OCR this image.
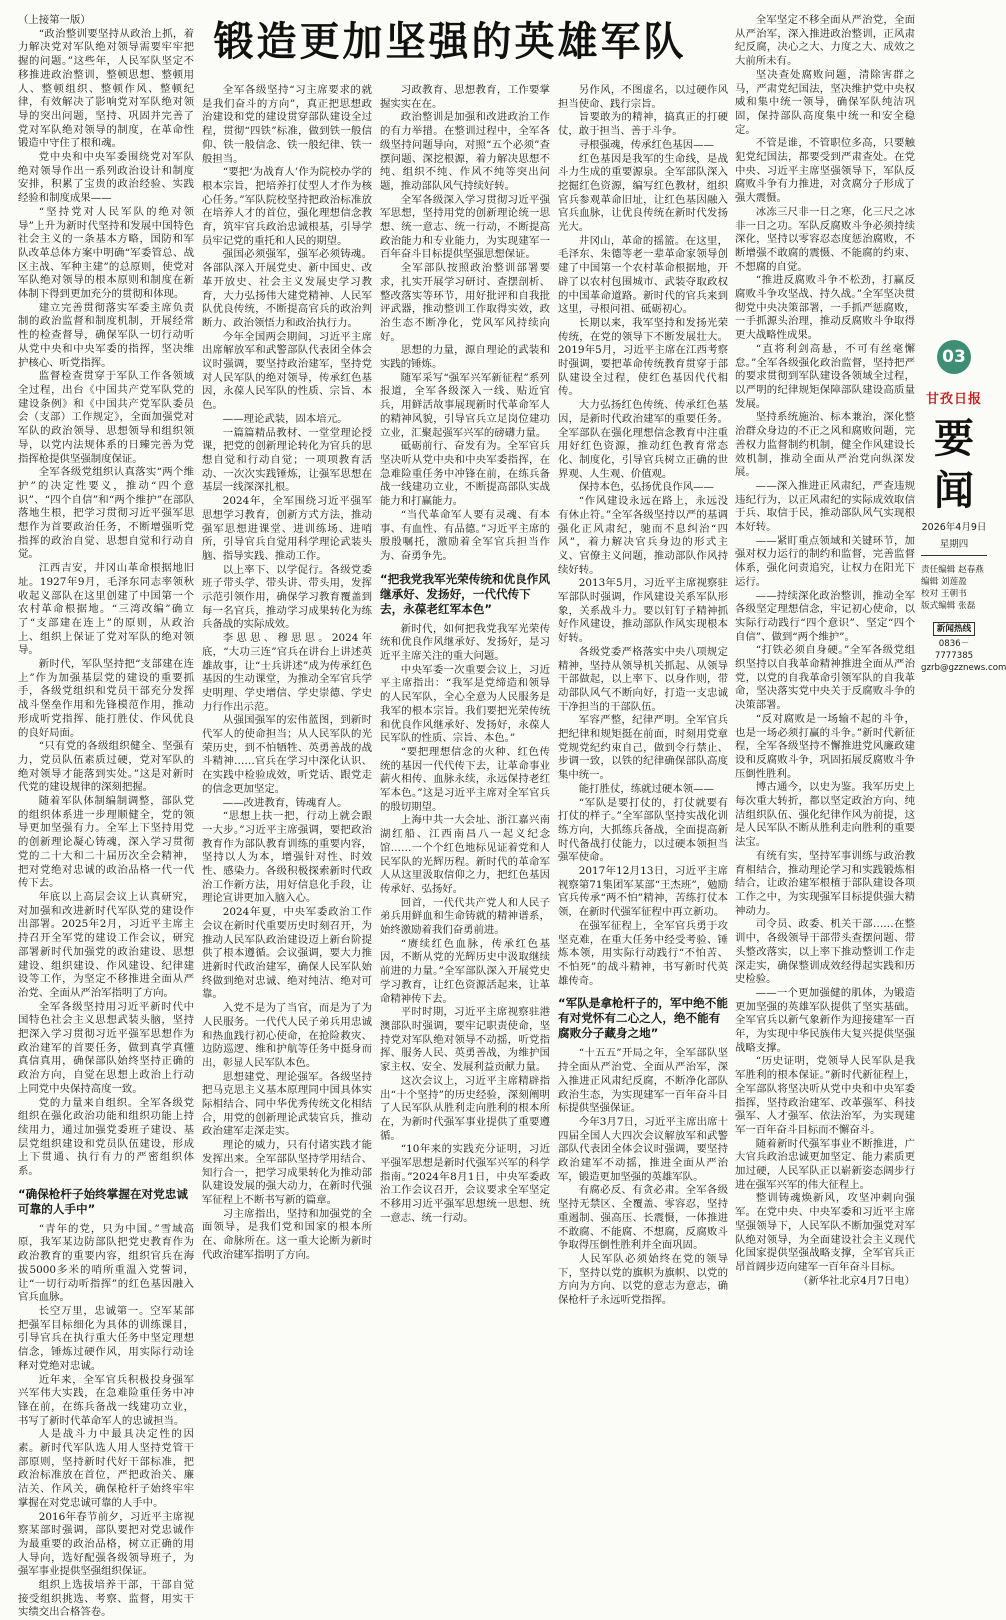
锻造更加坚强的英雄军队

（上接第一版）

“政治整训要坚持从政治上抓，着力解决党对军队绝对领导需要牢牢把握的问题。”这些年，人民军队坚定不移推进政治整训，整顿思想、整顿用人、整顿组织、整顿作风、整顿纪律，有效解决了影响党对军队绝对领导的突出问题，坚持、巩固并完善了党对军队绝对领导的制度，在革命性锻造中守住了根和魂。

党中央和中央军委围绕党对军队绝对领导作出一系列政治设计和制度安排，积累了宝贵的政治经验、实践经验和制度成果——

“坚持党对人民军队的绝对领导”上升为新时代坚持和发展中国特色社会主义的一条基本方略，国防和军队改革总体方案中明确“军委管总、战区主战、军种主建”的总原则，使党对军队绝对领导的根本原则和制度在新体制下得到更加充分的贯彻和体现。

建立完善贯彻落实军委主席负责制的政治监督和制度机制，开展经常性的检查督导，确保军队一切行动听从党中央和中央军委的指挥，坚决维护核心、听党指挥。

监督检查贯穿于军队工作各领域全过程，出台《中国共产党军队党的建设条例》和《中国共产党军队委员会（支部）工作规定》，全面加强党对军队的政治领导、思想领导和组织领导，以党内法规体系的日臻完善为党指挥枪提供坚强制度保证。

全军各级党组织认真落实“两个维护”的决定性要义，推动“四个意识”、“四个自信”和“两个维护”在部队落地生根，把学习贯彻习近平强军思想作为首要政治任务，不断增强听党指挥的政治自觉、思想自觉和行动自觉。

江西吉安，井冈山革命根据地旧址。1927年9月，毛泽东同志率领秋收起义部队在这里创建了中国第一个农村革命根据地。“三湾改编”确立了“支部建在连上”的原则，从政治上、组织上保证了党对军队的绝对领导。

新时代，军队坚持把“支部建在连上”作为加强基层党的建设的重要抓手，各级党组织和党员干部充分发挥战斗堡垒作用和先锋模范作用，推动形成听党指挥、能打胜仗、作风优良的良好局面。

“只有党的各级组织健全、坚强有力，党员队伍素质过硬，党对军队的绝对领导才能落到实处。”这是对新时代党的建设规律的深刻把握。

随着军队体制编制调整，部队党的组织体系进一步理顺健全，党的领导更加坚强有力。全军上下坚持用党的创新理论凝心铸魂，深入学习贯彻党的二十大和二十届历次全会精神，把对党绝对忠诚的政治品格一代一代传下去。

年底以上高层会议上认真研究，对加强和改进新时代军队党的建设作出部署。2025年2月，习近平主席主持召开全军党的建设工作会议，研究部署新时代加强党的政治建设、思想建设、组织建设、作风建设、纪律建设等工作，为坚定不移推进全面从严治党、全面从严治军指明了方向。

全军各级坚持用习近平新时代中国特色社会主义思想武装头脑，坚持把深入学习贯彻习近平强军思想作为政治建军的首要任务，做到真学真懂真信真用，确保部队始终坚持正确的政治方向，自觉在思想上政治上行动上同党中央保持高度一致。

党的力量来自组织。全军各级党组织在强化政治功能和组织功能上持续用力，通过加强党委班子建设、基层党组织建设和党员队伍建设，形成上下贯通、执行有力的严密组织体系。

“确保枪杆子始终掌握在对党忠诚可靠的人手中”

“青年的党，只为中国。”雪域高原，我军某边防部队把党史教育作为政治教育的重要内容，组织官兵在海拔5000多米的哨所重温入党誓词，让“一切行动听指挥”的红色基因融入官兵血脉。

长空万里，忠诚第一。空军某部把强军目标细化为具体的训练课目，引导官兵在执行重大任务中坚定理想信念，锤炼过硬作风，用实际行动诠释对党绝对忠诚。

近年来，全军官兵积极投身强军兴军伟大实践，在急难险重任务中冲锋在前，在练兵备战一线建功立业，书写了新时代革命军人的忠诚担当。

人是战斗力中最具决定性的因素。新时代军队选人用人坚持党管干部原则，坚持新时代好干部标准，把政治标准放在首位，严把政治关、廉洁关、作风关，确保枪杆子始终牢牢掌握在对党忠诚可靠的人手中。

2016年春节前夕，习近平主席视察某部时强调，部队要把对党忠诚作为最重要的政治品格，树立正确的用人导向，选好配强各级领导班子，为强军事业提供坚强组织保证。

组织上选拔培养干部，干部自觉接受组织挑选、考察、监督，用实干实绩交出合格答卷。

全军各级坚持“习主席要求的就是我们奋斗的方向”，真正把思想政治建设和党的建设贯穿部队建设全过程，贯彻“四铁”标准，做到铁一般信仰、铁一般信念、铁一般纪律、铁一般担当。

“要把‘为战育人’作为院校办学的根本宗旨，把培养打仗型人才作为核心任务。”军队院校坚持把政治标准放在培养人才的首位，强化理想信念教育，筑牢官兵政治忠诚根基，引导学员牢记党的重托和人民的期望。

强国必须强军，强军必须铸魂。各部队深入开展党史、新中国史、改革开放史、社会主义发展史学习教育，大力弘扬伟大建党精神、人民军队优良传统，不断提高官兵的政治判断力、政治领悟力和政治执行力。

今年全国两会期间，习近平主席出席解放军和武警部队代表团全体会议时强调，要坚持政治建军，坚持党对人民军队的绝对领导，传承红色基因，永葆人民军队的性质、宗旨、本色。

——理论武装，固本培元。

一篇篇精品教材、一堂堂理论授课，把党的创新理论转化为官兵的思想自觉和行动自觉；一项项教育活动、一次次实践锤炼，让强军思想在基层一线深深扎根。

2024年，全军围绕习近平强军思想学习教育，创新方式方法，推动强军思想进课堂、进训练场、进哨所，引导官兵自觉用科学理论武装头脑、指导实践、推动工作。

以上率下、以学促行。各级党委班子带头学、带头讲、带头用，发挥示范引领作用，确保学习教育覆盖到每一名官兵，推动学习成果转化为练兵备战的实际成效。

李思思、穆思思。2024年底，“大功三连”官兵在讲台上讲述英雄故事，让“士兵讲述”成为传承红色基因的生动课堂，为推动全军官兵学史明理、学史增信、学史崇德、学史力行作出示范。

从强国强军的宏伟蓝图，到新时代军人的使命担当；从人民军队的光荣历史，到不怕牺牲、英勇善战的战斗精神……官兵在学习中深化认识、在实践中检验成效，听党话、跟党走的信念更加坚定。

——改进教育，铸魂育人。

“思想上扶一把，行动上就会跟一大步。”习近平主席强调，要把政治教育作为部队教育训练的重要内容，坚持以人为本，增强针对性、时效性、感染力。各级积极探索新时代政治工作新方法，用好信息化手段，让理论宣讲更加入脑入心。

2024年夏，中央军委政治工作会议在新时代重要历史时刻召开，为推动人民军队政治建设迈上新台阶提供了根本遵循。会议强调，要大力推进新时代政治建军，确保人民军队始终做到绝对忠诚、绝对纯洁、绝对可靠。

入党不是为了当官，而是为了为人民服务。一代代人民子弟兵用忠诚和热血践行初心使命，在抢险救灾、边防巡逻、维和护航等任务中挺身而出，彰显人民军队本色。

思想建党、理论强军。各级坚持把马克思主义基本原理同中国具体实际相结合、同中华优秀传统文化相结合，用党的创新理论武装官兵，推动政治建军走深走实。

理论的威力，只有付诸实践才能发挥出来。全军部队坚持学用结合、知行合一，把学习成果转化为推动部队建设发展的强大动力，在新时代强军征程上不断书写新的篇章。

习主席指出，坚持和加强党的全面领导，是我们党和国家的根本所在、命脉所在。这一重大论断为新时代政治建军指明了方向。

习政教育、思想教育，工作要掌握实实在在。

政治整训是加强和改进政治工作的有力举措。在整训过程中，全军各级坚持问题导向，对照“五个必须”查摆问题、深挖根源，着力解决思想不纯、组织不纯、作风不纯等突出问题，推动部队风气持续好转。

全军各级深入学习贯彻习近平强军思想，坚持用党的创新理论统一思想、统一意志、统一行动，不断提高政治能力和专业能力，为实现建军一百年奋斗目标提供坚强思想保证。

全军部队按照政治整训部署要求，扎实开展学习研讨、查摆剖析、整改落实等环节，用好批评和自我批评武器，推动整训工作取得实效，政治生态不断净化，党风军风持续向好。

思想的力量，源自理论的武装和实践的锤炼。

随军采写“强军兴军新征程”系列报道，全军各级深入一线、贴近官兵，用鲜活故事展现新时代革命军人的精神风貌，引导官兵立足岗位建功立业，汇聚起强军兴军的磅礴力量。

砥砺前行、奋发有为。全军官兵坚决听从党中央和中央军委指挥，在急难险重任务中冲锋在前，在练兵备战一线建功立业，不断提高部队实战能力和打赢能力。

“当代革命军人要有灵魂、有本事、有血性、有品德。”习近平主席的殷殷嘱托，激励着全军官兵担当作为、奋勇争先。

“把我党我军光荣传统和优良作风继承好、发扬好，一代代传下去，永葆老红军本色”

新时代，如何把我党我军光荣传统和优良作风继承好、发扬好，是习近平主席关注的重大问题。

中央军委一次重要会议上，习近平主席指出：“我军是党缔造和领导的人民军队，全心全意为人民服务是我军的根本宗旨。我们要把光荣传统和优良作风继承好、发扬好，永葆人民军队的性质、宗旨、本色。”

“要把理想信念的火种、红色传统的基因一代代传下去，让革命事业薪火相传、血脉永续，永远保持老红军本色。”这是习近平主席对全军官兵的殷切期望。

上海中共一大会址、浙江嘉兴南湖红船、江西南昌八一起义纪念馆……一个个红色地标见证着党和人民军队的光辉历程。新时代的革命军人从这里汲取信仰之力，把红色基因传承好、弘扬好。

回首，一代代共产党人和人民子弟兵用鲜血和生命铸就的精神谱系，始终激励着我们奋勇前进。

“赓续红色血脉，传承红色基因，不断从党的光辉历史中汲取继续前进的力量。”全军部队深入开展党史学习教育，让红色资源活起来，让革命精神传下去。

平时时期，习近平主席视察驻港澳部队时强调，要牢记职责使命，坚持党对军队绝对领导不动摇，听党指挥、服务人民、英勇善战，为维护国家主权、安全、发展利益贡献力量。

这次会议上，习近平主席精辟指出“十个坚持”的历史经验，深刻阐明了人民军队从胜利走向胜利的根本所在，为新时代强军事业提供了重要遵循。

“10年来的实践充分证明，习近平强军思想是新时代强军兴军的科学指南。”2024年8月1日，中央军委政治工作会议召开，会议要求全军坚定不移用习近平强军思想统一思想、统一意志、统一行动。

另作风，不图虚名，以过硬作风担当使命、践行宗旨。

旨要敢为的精神，搞真正的打硬仗，敢于担当、善于斗争。

寻根强魂，传承红色基因——

红色基因是我军的生命线，是战斗力生成的重要源泉。全军部队深入挖掘红色资源，编写红色教材，组织官兵参观革命旧址，让红色基因融入官兵血脉，让优良传统在新时代发扬光大。

井冈山，革命的摇篮。在这里，毛泽东、朱德等老一辈革命家领导创建了中国第一个农村革命根据地，开辟了以农村包围城市、武装夺取政权的中国革命道路。新时代的官兵来到这里，寻根问祖、砥砺初心。

长期以来，我军坚持和发扬光荣传统，在党的领导下不断发展壮大。2019年5月，习近平主席在江西考察时强调，要把革命传统教育贯穿于部队建设全过程，使红色基因代代相传。

大力弘扬红色传统、传承红色基因，是新时代政治建军的重要任务。全军部队在强化理想信念教育中注重用好红色资源，推动红色教育常态化、制度化，引导官兵树立正确的世界观、人生观、价值观。

保持本色，弘扬优良作风——

“作风建设永远在路上，永远没有休止符。”全军各级坚持以严的基调强化正风肃纪，驰而不息纠治“四风”，着力解决官兵身边的形式主义、官僚主义问题，推动部队作风持续好转。

2013年5月，习近平主席视察驻军部队时强调，作风建设关系军队形象，关系战斗力。要以钉钉子精神抓好作风建设，推动部队作风实现根本好转。

各级党委严格落实中央八项规定精神，坚持从领导机关抓起、从领导干部做起，以上率下、以身作则，带动部队风气不断向好，打造一支忠诚干净担当的干部队伍。

军容严整，纪律严明。全军官兵把纪律和规矩挺在前面，时刻用党章党规党纪约束自己，做到令行禁止、步调一致，以铁的纪律确保部队高度集中统一。

能打胜仗，练就过硬本领——

“军队是要打仗的，打仗就要有打仗的样子。”全军部队坚持实战化训练方向，大抓练兵备战，全面提高新时代备战打仗能力，以过硬本领担当强军使命。

2017年12月13日，习近平主席视察第71集团军某部“王杰班”，勉励官兵传承“两不怕”精神，苦练打仗本领，在新时代强军征程中再立新功。

在强军征程上，全军官兵勇于攻坚克难，在重大任务中经受考验、锤炼本领，用实际行动践行“不怕苦、不怕死”的战斗精神，书写新时代英雄传奇。

“军队是拿枪杆子的，军中绝不能有对党怀有二心之人，绝不能有腐败分子藏身之地”

“十五五”开局之年，全军部队坚持全面从严治党、全面从严治军，深入推进正风肃纪反腐，不断净化部队政治生态，为实现建军一百年奋斗目标提供坚强保证。

今年3月7日，习近平主席出席十四届全国人大四次会议解放军和武警部队代表团全体会议时强调，要坚持政治建军不动摇，推进全面从严治军，锻造更加坚强的英雄军队。

有腐必反、有贪必肃。全军各级坚持无禁区、全覆盖、零容忍，坚持重遏制、强高压、长震慑，一体推进不敢腐、不能腐、不想腐，反腐败斗争取得压倒性胜利并全面巩固。

人民军队必须始终在党的领导下，坚持以党的旗帜为旗帜、以党的方向为方向、以党的意志为意志，确保枪杆子永远听党指挥。

全军坚定不移全面从严治党，全面从严治军，深入推进政治整训，正风肃纪反腐，决心之大、力度之大、成效之大前所未有。

坚决查处腐败问题，清除害群之马，严肃党纪国法，坚决维护党中央权威和集中统一领导，确保军队纯洁巩固，保持部队高度集中统一和安全稳定。

不管是谁，不管职位多高，只要触犯党纪国法，都要受到严肃查处。在党中央、习近平主席坚强领导下，军队反腐败斗争有力推进，对贪腐分子形成了强大震慑。

冰冻三尺非一日之寒，化三尺之冰非一日之功。军队反腐败斗争必须持续深化，坚持以零容忍态度惩治腐败，不断增强不敢腐的震慑、不能腐的约束、不想腐的自觉。

“推进反腐败斗争不松劲，打赢反腐败斗争攻坚战、持久战。”全军坚决贯彻党中央决策部署，一手抓严惩腐败，一手抓源头治理，推动反腐败斗争取得更大战略性成果。

“直将利剑高悬，不可有丝毫懈怠。”全军各级强化政治监督，坚持把严的要求贯彻到军队建设各领域全过程，以严明的纪律规矩保障部队建设高质量发展。

坚持系统施治、标本兼治，深化整治群众身边的不正之风和腐败问题，完善权力监督制约机制，健全作风建设长效机制，推动全面从严治党向纵深发展。

——深入推进正风肃纪，严查违规违纪行为，以正风肃纪的实际成效取信于兵、取信于民，推动部队风气实现根本好转。

——紧盯重点领域和关键环节，加强对权力运行的制约和监督，完善监督体系，强化问责追究，让权力在阳光下运行。

——持续深化政治整训，推动全军各级坚定理想信念，牢记初心使命，以实际行动践行“四个意识”、坚定“四个自信”、做到“两个维护”。

“打铁必须自身硬。”全军各级党组织坚持以自我革命精神推进全面从严治党，以党的自我革命引领军队的自我革命，坚决落实党中央关于反腐败斗争的决策部署。

“反对腐败是一场输不起的斗争，也是一场必须打赢的斗争。”新时代新征程，全军各级坚持不懈推进党风廉政建设和反腐败斗争，巩固拓展反腐败斗争压倒性胜利。

博古通今，以史为鉴。我军历史上每次重大转折，都以坚定政治方向、纯洁组织队伍、强化纪律作风为前提，这是人民军队不断从胜利走向胜利的重要法宝。

有统有实，坚持军事训练与政治教育相结合，推动理论学习和实践锻炼相结合，让政治建军根植于部队建设各项工作之中，为实现强军目标提供强大精神动力。

司令员、政委、机关干部……在整训中，各级领导干部带头查摆问题、带头整改落实，以上率下推动整训工作走深走实，确保整训成效经得起实践和历史检验。

——一个更加强健的肌体，为锻造更加坚强的英雄军队提供了坚实基础。全军官兵以新气象新作为迎接建军一百年，为实现中华民族伟大复兴提供坚强战略支撑。

“历史证明，党领导人民军队是我军胜利的根本保证。”新时代新征程上，全军部队将坚决听从党中央和中央军委指挥，坚持政治建军、改革强军、科技强军、人才强军、依法治军，为实现建军一百年奋斗目标而不懈奋斗。

随着新时代强军事业不断推进，广大官兵政治忠诚更加坚定、能力素质更加过硬，人民军队正以崭新姿态阔步行进在强军兴军的伟大征程上。

整训铸魂焕新风，攻坚冲刺向强军。在党中央、中央军委和习近平主席坚强领导下，人民军队不断加强党对军队绝对领导，为全面建设社会主义现代化国家提供坚强战略支撑，全军官兵正昂首阔步迈向建军一百年奋斗目标。

（新华社北京4月7日电）

03
甘孜日报
要闻
2026年4月9日
星期四
责任编辑 赵春燕
编辑 刘莲盈
校对 王朝书
版式编辑 张磊
新闻热线
0836－7777385
gzrb@gzznews.com
